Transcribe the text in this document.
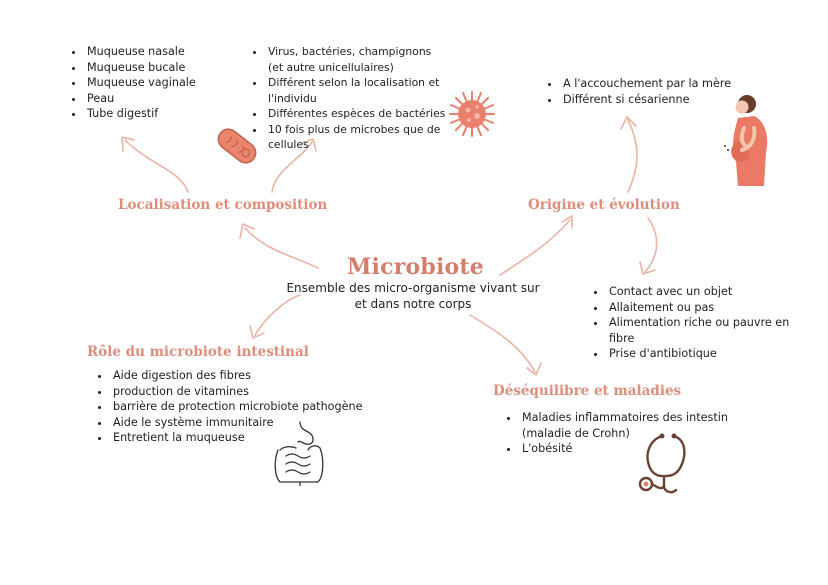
Microbiote
Ensemble des micro-organisme vivant sur
et dans notre corps
Localisation et composition
• Muqueuse nasale
• Muqueuse bucale
• Muqueuse vaginale
• Peau
• Tube digestif
• Virus, bactéries, champignons
(et autre unicellulaires)
• Différent selon la localisation et l'individu
• Différentes espèces de bactéries
• 10 fois plus de microbes que de cellules
Origine et évolution
• A l'accouchement par la mère
• Différent si césarienne
• Contact avec un objet
• Allaitement ou pas
• Alimentation riche ou pauvre en fibre
• Prise d'antibiotique
Rôle du microbiote intestinal
• Aide digestion des fibres
• production de vitamines
• barrière de protection microbiote pathogène
• Aide le système immunitaire
• Entretient la muqueuse
Déséquilibre et maladies
• Maladies inflammatoires des intestin
(maladie de Crohn)
• L'obésité
